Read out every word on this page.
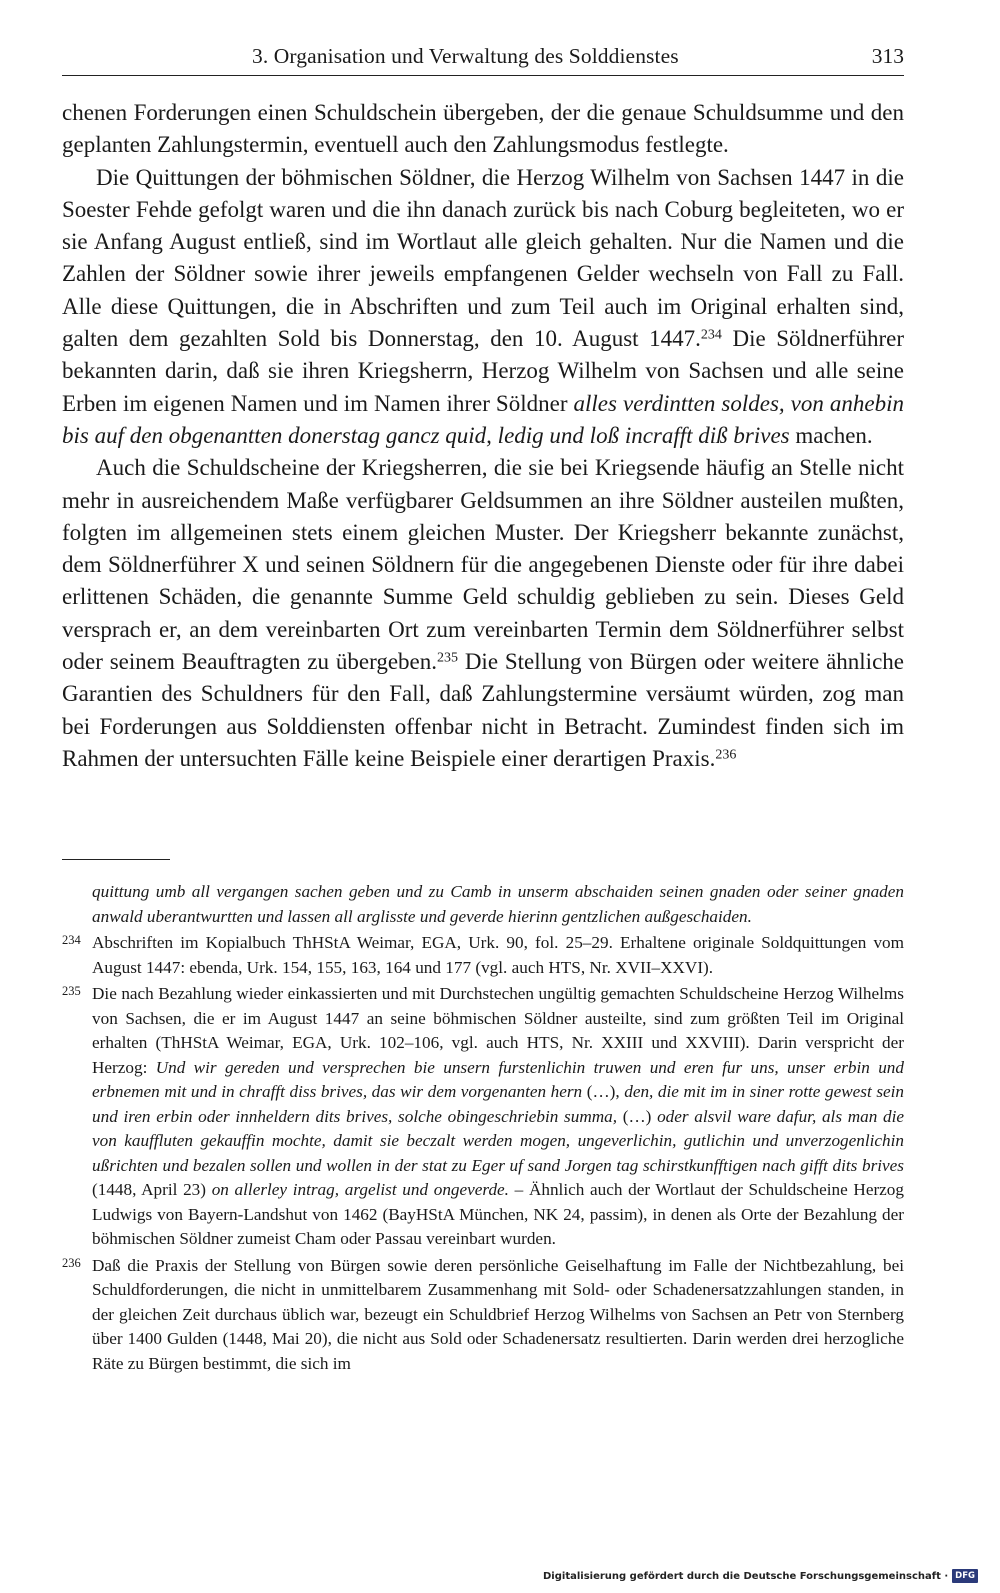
3. Organisation und Verwaltung des Solddienstes	313

chenen Forderungen einen Schuldschein übergeben, der die genaue Schuldsumme und den geplanten Zahlungstermin, eventuell auch den Zahlungsmodus festlegte.

Die Quittungen der böhmischen Söldner, die Herzog Wilhelm von Sachsen 1447 in die Soester Fehde gefolgt waren und die ihn danach zurück bis nach Coburg begleiteten, wo er sie Anfang August entließ, sind im Wortlaut alle gleich gehalten. Nur die Namen und die Zahlen der Söldner sowie ihrer jeweils empfangenen Gelder wechseln von Fall zu Fall. Alle diese Quittungen, die in Abschriften und zum Teil auch im Original erhalten sind, galten dem gezahlten Sold bis Donnerstag, den 10. August 1447.$^{234}$ Die Söldnerführer bekannten darin, daß sie ihren Kriegsherrn, Herzog Wilhelm von Sachsen und alle seine Erben im eigenen Namen und im Namen ihrer Söldner alles verdintten soldes, von anhebin bis auf den obgenantten donerstag gancz quid, ledig und loß incrafft diß brives machen.

Auch die Schuldscheine der Kriegsherren, die sie bei Kriegsende häufig an Stelle nicht mehr in ausreichendem Maße verfügbarer Geldsummen an ihre Söldner austeilen mußten, folgten im allgemeinen stets einem gleichen Muster. Der Kriegsherr bekannte zunächst, dem Söldnerführer X und seinen Söldnern für die angegebenen Dienste oder für ihre dabei erlittenen Schäden, die genannte Summe Geld schuldig geblieben zu sein. Dieses Geld versprach er, an dem vereinbarten Ort zum vereinbarten Termin dem Söldnerführer selbst oder seinem Beauftragten zu übergeben.$^{235}$ Die Stellung von Bürgen oder weitere ähnliche Garantien des Schuldners für den Fall, daß Zahlungstermine versäumt würden, zog man bei Forderungen aus Solddiensten offenbar nicht in Betracht. Zumindest finden sich im Rahmen der untersuchten Fälle keine Beispiele einer derartigen Praxis.$^{236}$

quittung umb all vergangen sachen geben und zu Camb in unserm abschaiden seinen gnaden oder seiner gnaden anwald uberantwurtten und lassen all arglisste und geverde hierinn gentzlichen außgeschaiden.

234 Abschriften im Kopialbuch ThHStA Weimar, EGA, Urk. 90, fol. 25–29. Erhaltene originale Soldquittungen vom August 1447: ebenda, Urk. 154, 155, 163, 164 und 177 (vgl. auch HTS, Nr. XVII–XXVI).

235 Die nach Bezahlung wieder einkassierten und mit Durchstechen ungültig gemachten Schuldscheine Herzog Wilhelms von Sachsen, die er im August 1447 an seine böhmischen Söldner austeilte, sind zum größten Teil im Original erhalten (ThHStA Weimar, EGA, Urk. 102–106, vgl. auch HTS, Nr. XXIII und XXVIII). Darin verspricht der Herzog: Und wir gereden und versprechen bie unsern furstenlichin truwen und eren fur uns, unser erbin und erbnemen mit und in chrafft diss brives, das wir dem vorgenanten hern (…), den, die mit im in siner rotte gewest sein und iren erbin oder innheldern dits brives, solche obingeschriebin summa, (…) oder alsvil ware dafur, als man die von kauffluten gekauffin mochte, damit sie beczalt werden mogen, ungeverlichin, gutlichin und unverzogenlichin ußrichten und bezalen sollen und wollen in der stat zu Eger uf sand Jorgen tag schirstkunfftigen nach gifft dits brives (1448, April 23) on allerley intrag, argelist und ongeverde. – Ähnlich auch der Wortlaut der Schuldscheine Herzog Ludwigs von Bayern-Landshut von 1462 (BayHStA München, NK 24, passim), in denen als Orte der Bezahlung der böhmischen Söldner zumeist Cham oder Passau vereinbart wurden.

236 Daß die Praxis der Stellung von Bürgen sowie deren persönliche Geiselhaftung im Falle der Nichtbezahlung, bei Schuldforderungen, die nicht in unmittelbarem Zusammenhang mit Sold- oder Schadenersatzzahlungen standen, in der gleichen Zeit durchaus üblich war, bezeugt ein Schuldbrief Herzog Wilhelms von Sachsen an Petr von Sternberg über 1400 Gulden (1448, Mai 20), die nicht aus Sold oder Schadenersatz resultierten. Darin werden drei herzogliche Räte zu Bürgen bestimmt, die sich im

Digitalisierung gefördert durch die Deutsche Forschungsgemeinschaft · DFG
